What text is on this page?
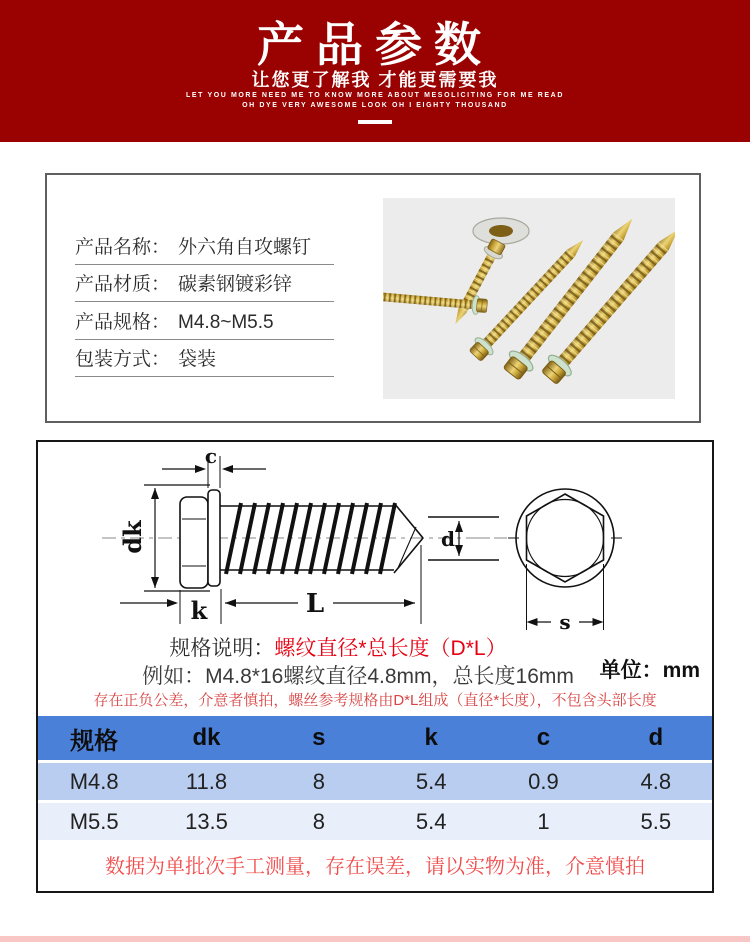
产品参数
让您更了解我 才能更需要我
LET YOU MORE NEED ME TO KNOW MORE ABOUT MESOLICITING FOR ME READ
OH DYE VERY AWESOME LOOK OH I EIGHTY THOUSAND
产品名称： 外六角自攻螺钉
产品材质： 碳素钢镀彩锌
产品规格： M4.8~M5.5
包装方式： 袋装
c
dk
k	L
d
s
规格说明：螺纹直径*总长度（D*L）
例如：M4.8*16螺纹直径4.8mm，总长度16mm	单位：mm
存在正负公差，介意者慎拍，螺丝参考规格由D*L组成（直径*长度），不包含头部长度
规格	dk	s	k	c	d
M4.8	11.8	8	5.4	0.9	4.8
M5.5	13.5	8	5.4	1	5.5
数据为单批次手工测量，存在误差，请以实物为准，介意慎拍
